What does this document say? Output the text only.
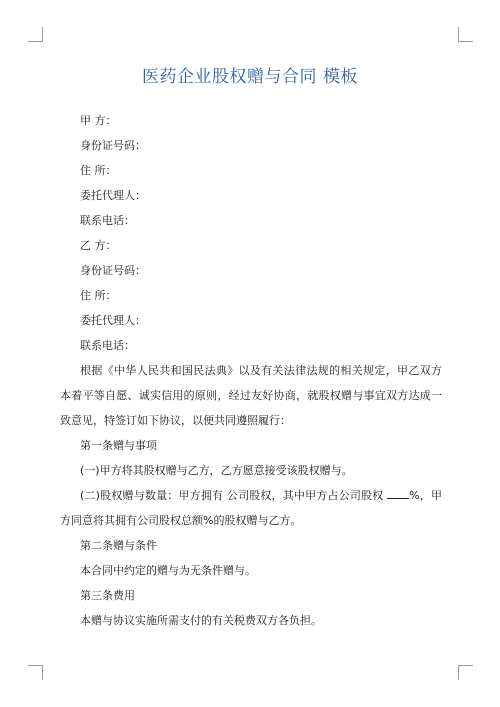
医药企业股权赠与合同 模板
甲 方：
身份证号码：
住 所：
委托代理人：
联系电话：
乙 方：
身份证号码：
住 所：
委托代理人：
联系电话：
根据《中华人民共和国民法典》以及有关法律法规的相关规定，甲乙双方本着平等自愿、诚实信用的原则，经过友好协商，就股权赠与事宜双方达成一致意见，特签订如下协议，以便共同遵照履行：
第一条赠与事项
(一)甲方将其股权赠与乙方，乙方愿意接受该股权赠与。
(二)股权赠与数量：甲方拥有 公司股权，其中甲方占公司股权 %，甲方同意将其拥有公司股权总额%的股权赠与乙方。
第二条赠与条件
本合同中约定的赠与为无条件赠与。
第三条费用
本赠与协议实施所需支付的有关税费双方各负担。
